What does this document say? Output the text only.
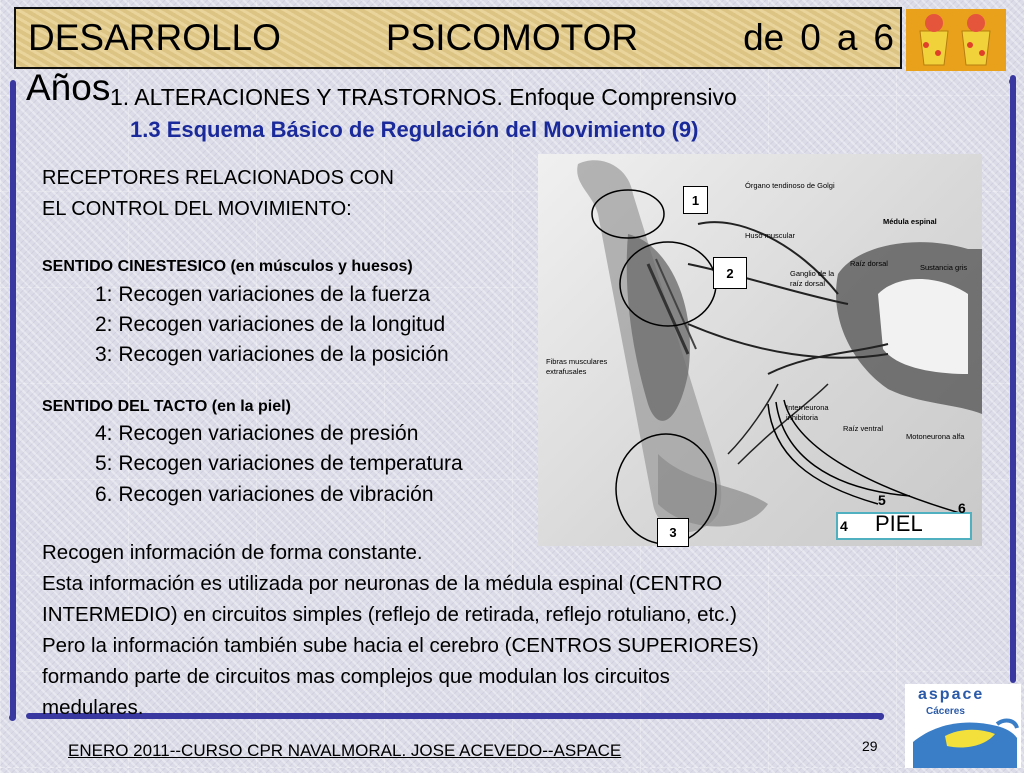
DESARROLLO	PSICOMOTOR	de 0 a 6
Años 1. ALTERACIONES Y TRASTORNOS. Enfoque Comprensivo
1.3 Esquema Básico de Regulación del Movimiento (9)
RECEPTORES RELACIONADOS CON
EL CONTROL DEL MOVIMIENTO:
SENTIDO CINESTESICO (en músculos y huesos)
1: Recogen variaciones de la fuerza
2: Recogen variaciones de la longitud
3: Recogen variaciones de la posición
SENTIDO DEL TACTO (en la piel)
4: Recogen variaciones de presión
5: Recogen variaciones de temperatura
6. Recogen variaciones de vibración
Órgano tendinoso de Golgi
Médula espinal
Huso muscular
Raíz dorsal	Sustancia gris
Ganglio de la
raíz dorsal
Fibras musculares
extrafusales
Interneurona
inhibitoria
Raíz ventral
Motoneurona alfa
1
2
3	PIEL
4
5	6
Recogen información de forma constante.
Esta información es utilizada por neuronas de la médula espinal (CENTRO
INTERMEDIO) en circuitos simples (reflejo de retirada, reflejo rotuliano, etc.)
Pero la información también sube hacia el cerebro (CENTROS SUPERIORES)
formando parte de circuitos mas complejos que modulan los circuitos
medulares.
aspace
Cáceres
ENERO 2011--CURSO CPR NAVALMORAL. JOSE ACEVEDO--ASPACE	29
